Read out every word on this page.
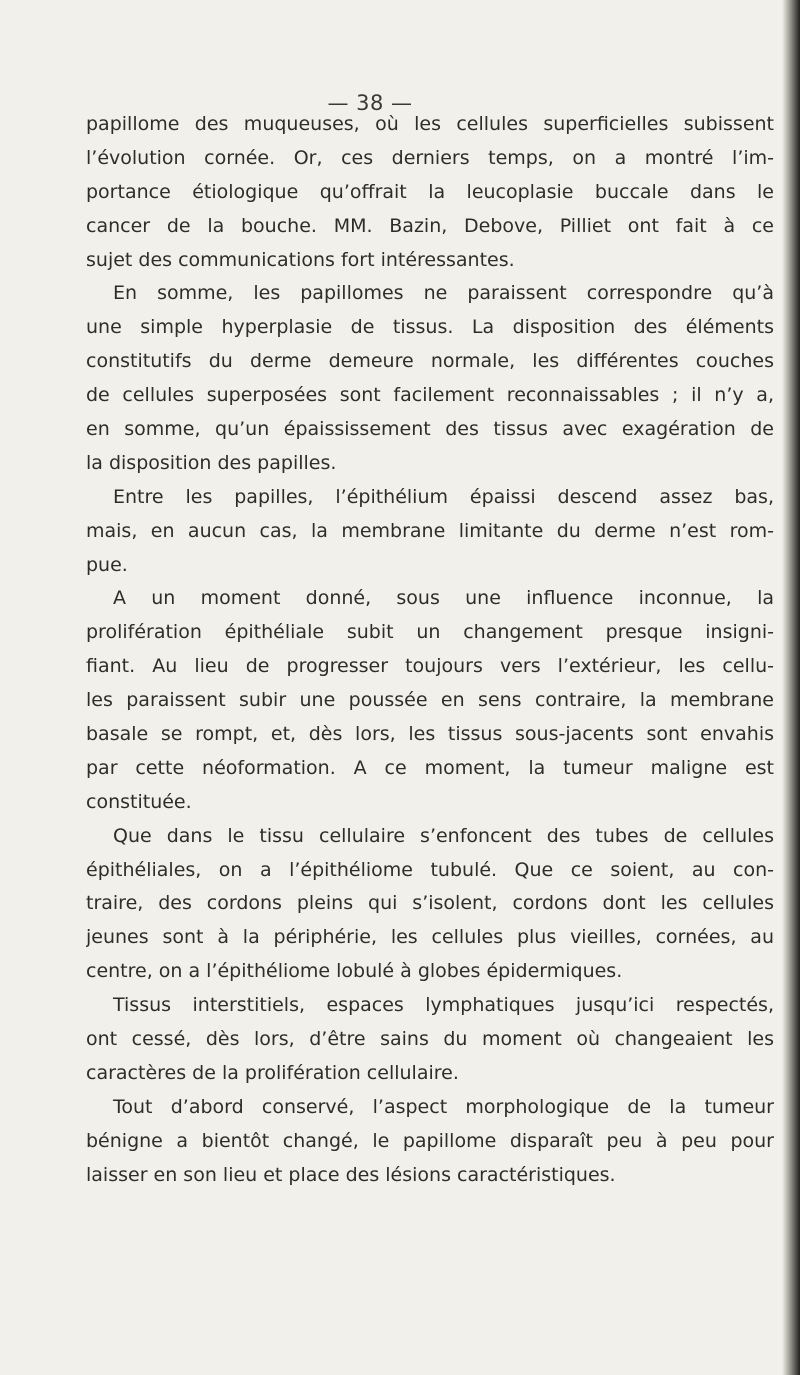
— 38 —
papillome des muqueuses, où les cellules superficielles subissent
l’évolution cornée. Or, ces derniers temps, on a montré l’im-
portance étiologique qu’offrait la leucoplasie buccale dans le
cancer de la bouche. MM. Bazin, Debove, Pilliet ont fait à ce
sujet des communications fort intéressantes.
En somme, les papillomes ne paraissent correspondre qu’à
une simple hyperplasie de tissus. La disposition des éléments
constitutifs du derme demeure normale, les différentes couches
de cellules superposées sont facilement reconnaissables ; il n’y a,
en somme, qu’un épaississement des tissus avec exagération de
la disposition des papilles.
Entre les papilles, l’épithélium épaissi descend assez bas,
mais, en aucun cas, la membrane limitante du derme n’est rom-
pue.
A un moment donné, sous une influence inconnue, la
prolifération épithéliale subit un changement presque insigni-
fiant. Au lieu de progresser toujours vers l’extérieur, les cellu-
les paraissent subir une poussée en sens contraire, la membrane
basale se rompt, et, dès lors, les tissus sous-jacents sont envahis
par cette néoformation. A ce moment, la tumeur maligne est
constituée.
Que dans le tissu cellulaire s’enfoncent des tubes de cellules
épithéliales, on a l’épithéliome tubulé. Que ce soient, au con-
traire, des cordons pleins qui s’isolent, cordons dont les cellules
jeunes sont à la périphérie, les cellules plus vieilles, cornées, au
centre, on a l’épithéliome lobulé à globes épidermiques.
Tissus interstitiels, espaces lymphatiques jusqu’ici respectés,
ont cessé, dès lors, d’être sains du moment où changeaient les
caractères de la prolifération cellulaire.
Tout d’abord conservé, l’aspect morphologique de la tumeur
bénigne a bientôt changé, le papillome disparaît peu à peu pour
laisser en son lieu et place des lésions caractéristiques.
